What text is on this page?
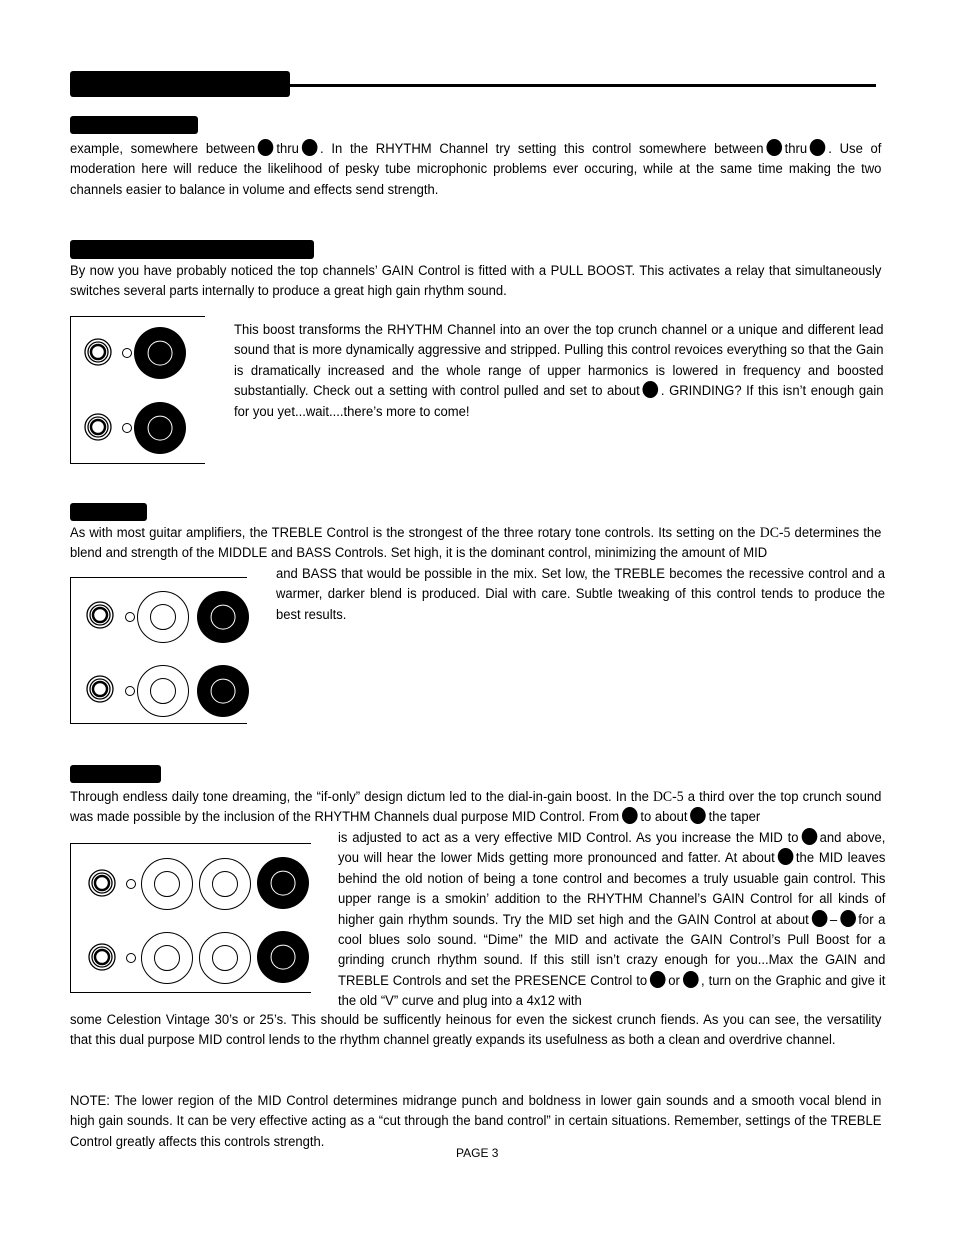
example, somewhere between thru . In the RHYTHM Channel try setting this control somewhere between thru . Use of moderation here will reduce the likelihood of pesky tube microphonic problems ever occuring, while at the same time making the two channels easier to balance in volume and effects send strength.
By now you have probably noticed the top channels’ GAIN Control is fitted with a PULL BOOST. This activates a relay that simultaneously switches several parts internally to produce a great high gain rhythm sound.
This boost transforms the RHYTHM Channel into an over the top crunch channel or a unique and different lead sound that is more dynamically aggressive and stripped. Pulling this control revoices everything so that the Gain is dramatically increased and the whole range of upper harmonics is lowered in frequency and boosted substantially. Check out a setting with control pulled and set to about . GRINDING? If this isn’t enough gain for you yet...wait....there’s more to come!
As with most guitar amplifiers, the TREBLE Control is the strongest of the three rotary tone controls. Its setting on the DC-5 determines the blend and strength of the MIDDLE and BASS Controls. Set high, it is the dominant control, minimizing the amount of MID
and BASS that would be possible in the mix. Set low, the TREBLE becomes the recessive control and a warmer, darker blend is produced. Dial with care. Subtle tweaking of this control tends to produce the best results.
Through endless daily tone dreaming, the “if-only” design dictum led to the dial-in-gain boost. In the DC-5 a third over the top crunch sound was made possible by the inclusion of the RHYTHM Channels dual purpose MID Control. From to about the taper
is adjusted to act as a very effective MID Control. As you increase the MID to and above, you will hear the lower Mids getting more pronounced and fatter. At about the MID leaves behind the old notion of being a tone control and becomes a truly usuable gain control. This upper range is a smokin’ addition to the RHYTHM Channel’s GAIN Control for all kinds of higher gain rhythm sounds. Try the MID set high and the GAIN Control at about – for a cool blues solo sound. “Dime” the MID and activate the GAIN Control’s Pull Boost for a grinding crunch rhythm sound. If this still isn’t crazy enough for you...Max the GAIN and TREBLE Controls and set the PRESENCE Control to or , turn on the Graphic and give it the old “V” curve and plug into a 4x12 with
some Celestion Vintage 30’s or 25’s. This should be sufficently heinous for even the sickest crunch fiends. As you can see, the versatility that this dual purpose MID control lends to the rhythm channel greatly expands its usefulness as both a clean and overdrive channel.
NOTE: The lower region of the MID Control determines midrange punch and boldness in lower gain sounds and a smooth vocal blend in high gain sounds. It can be very effective acting as a “cut through the band control” in certain situations. Remember, settings of the TREBLE Control greatly affects this controls strength.
PAGE 3
